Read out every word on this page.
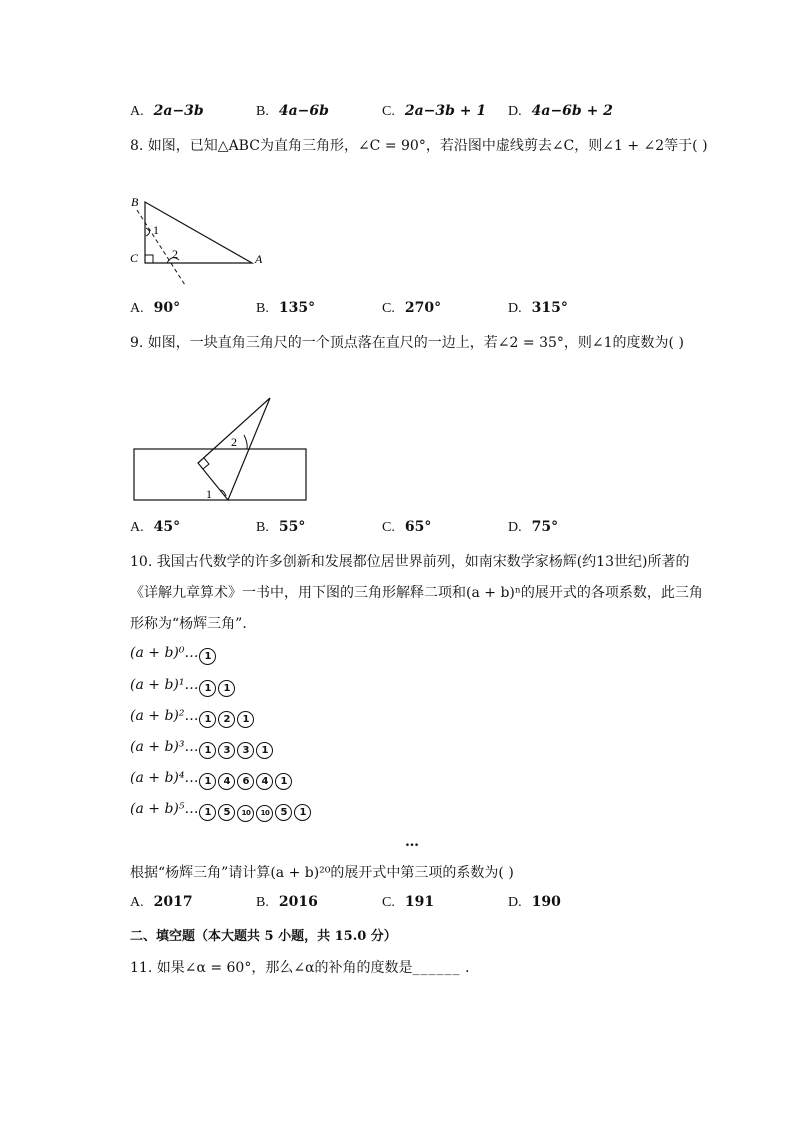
A. 2a−3b	B. 4a−6b	C. 2a−3b + 1 D. 4a−6b + 2
8. 如图，已知△ABC为直角三角形，∠C = 90°，若沿图中虚线剪去∠C，则∠1 + ∠2等于( )
B
C	A
1
2
A. 90°	B. 135°	C. 270°	D. 315°
9. 如图，一块直角三角尺的一个顶点落在直尺的一边上，若∠2 = 35°，则∠1的度数为( )
2
1
A. 45°	B. 55°	C. 65°	D. 75°
10. 我国古代数学的许多创新和发展都位居世界前列，如南宋数学家杨辉(约13世纪)所著的
《详解九章算术》一书中，用下图的三角形解释二项和(a + b)ⁿ的展开式的各项系数，此三角
形称为“杨辉三角”．
(a + b)⁰… 1
(a + b)¹… 1 1
(a + b)²… 1 2 1
(a + b)³… 1 3 3 1
(a + b)⁴… 1 4 6 4 1
(a + b)⁵… 1 5 10 10 5 1
…
根据“杨辉三角”请计算(a + b)²⁰的展开式中第三项的系数为( )
A. 2017	B. 2016	C. 191	D. 190
二、填空题（本大题共 5 小题，共 15.0 分）
11. 如果∠α = 60°，那么∠α的补角的度数是______ .
